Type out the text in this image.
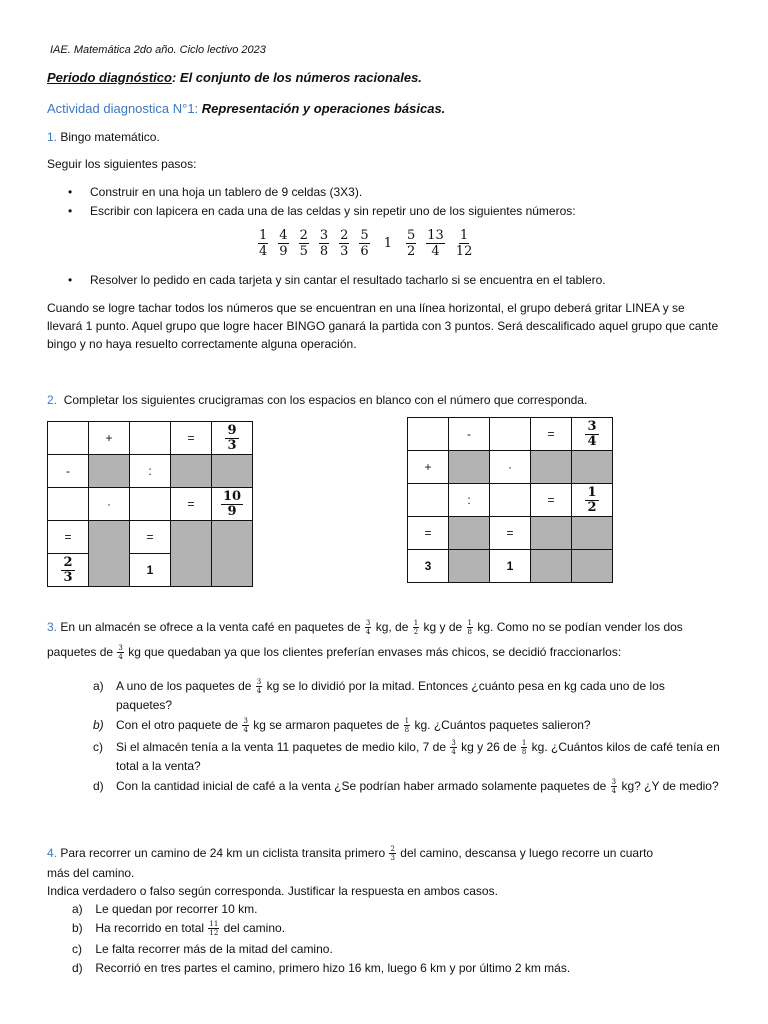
IAE. Matemática 2do año. Ciclo lectivo 2023
Periodo diagnóstico: El conjunto de los números racionales.
Actividad diagnostica N°1: Representación y operaciones básicas.
1. Bingo matemático.
Seguir los siguientes pasos:
• Construir en una hoja un tablero de 9 celdas (3X3).
• Escribir con lapicera en cada una de las celdas y sin repetir uno de los siguientes números:
$\frac{1}{4} \frac{4}{9} \frac{2}{5} \frac{3}{8} \frac{2}{3} \frac{5}{6} 1 \frac{5}{2} \frac{13}{4} \frac{1}{12}$
• Resolver lo pedido en cada tarjeta y sin cantar el resultado tacharlo si se encuentra en el tablero.
Cuando se logre tachar todos los números que se encuentran en una línea horizontal, el grupo deberá gritar LINEA y se llevará 1 punto. Aquel grupo que logre hacer BINGO ganará la partida con 3 puntos. Será descalificado aquel grupo que cante bingo y no haya resuelto correctamente alguna operación.
2. Completar los siguientes crucigramas con los espacios en blanco con el número que corresponda.
	+		=	$\frac{9}{3}$

-		:		
	·		=	$\frac{10}{9}$

=		=		

$\frac{2}{3}$		1		
	-		=	$\frac{3}{4}$

+		·		
	:		=	$\frac{1}{2}$

=		=		
3		1		
3. En un almacén se ofrece a la venta café en paquetes de $\frac{3}{4}$ kg, de $\frac{1}{2}$ kg y de $\frac{1}{8}$ kg. Como no se podían vender los dos
paquetes de $\frac{3}{4}$ kg que quedaban ya que los clientes preferían envases más chicos, se decidió fraccionarlos:
a) A uno de los paquetes de $\frac{3}{4}$ kg se lo dividió por la mitad. Entonces ¿cuánto pesa en kg cada uno de los paquetes?
b) Con el otro paquete de $\frac{3}{4}$ kg se armaron paquetes de $\frac{1}{8}$ kg. ¿Cuántos paquetes salieron?
c) Si el almacén tenía a la venta 11 paquetes de medio kilo, 7 de $\frac{3}{4}$ kg y 26 de $\frac{1}{8}$ kg. ¿Cuántos kilos de café tenía en total a la venta?
d) Con la cantidad inicial de café a la venta ¿Se podrían haber armado solamente paquetes de $\frac{3}{4}$ kg? ¿Y de medio?
4. Para recorrer un camino de 24 km un ciclista transita primero $\frac{2}{3}$ del camino, descansa y luego recorre un cuarto
más del camino.
Indica verdadero o falso según corresponda. Justificar la respuesta en ambos casos.
a) Le quedan por recorrer 10 km.
b) Ha recorrido en total $\frac{11}{12}$ del camino.
c) Le falta recorrer más de la mitad del camino.
d) Recorrió en tres partes el camino, primero hizo 16 km, luego 6 km y por último 2 km más.
